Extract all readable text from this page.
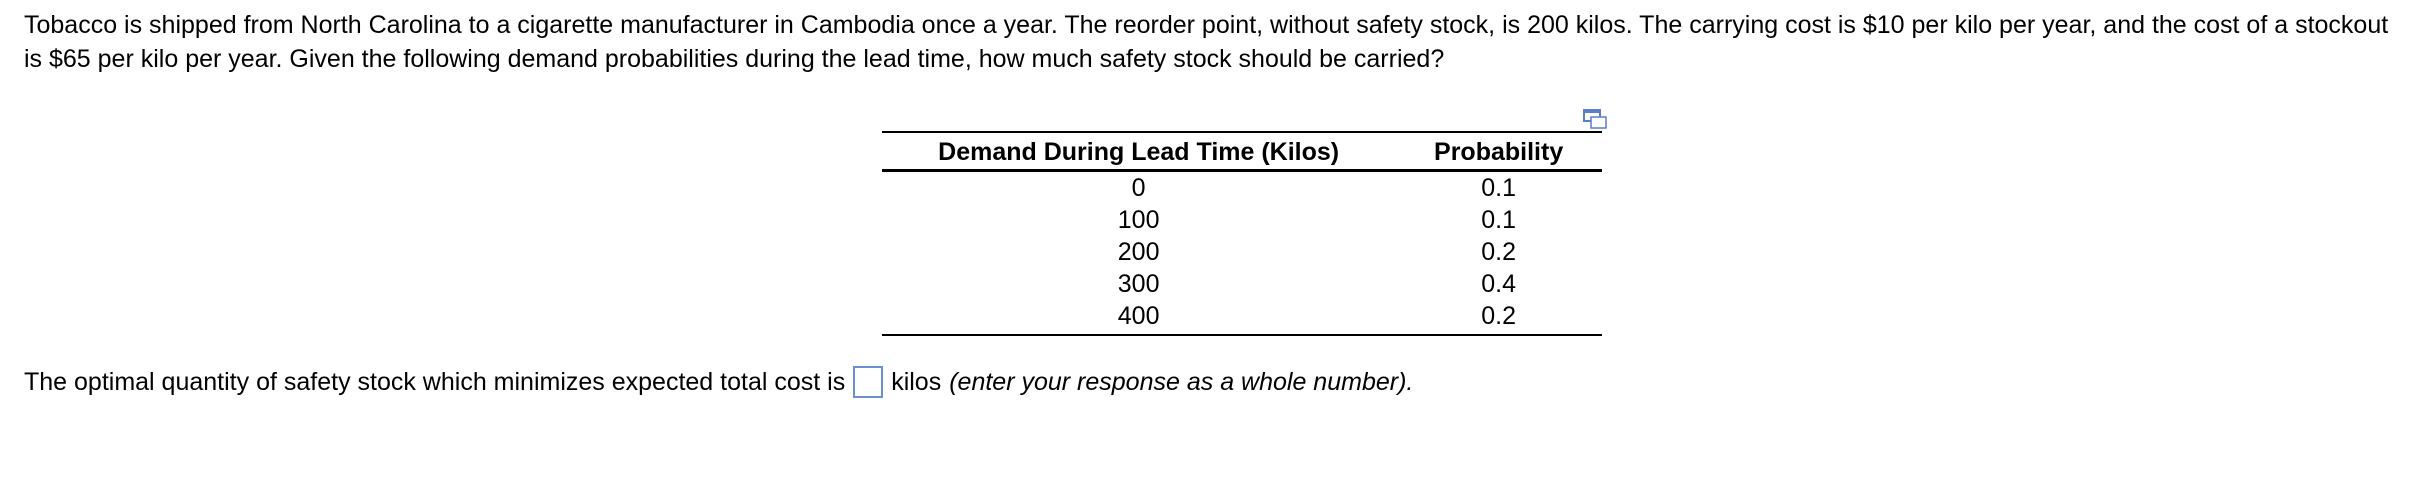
Tobacco is shipped from North Carolina to a cigarette manufacturer in Cambodia once a year. The reorder point, without safety stock, is 200 kilos. The carrying cost is $10 per kilo per year, and the cost of a stockout is $65 per kilo per year. Given the following demand probabilities during the lead time, how much safety stock should be carried?
Demand During Lead Time (Kilos)	Probability
0	0.1
100	0.1
200	0.2
300	0.4
400	0.2
The optimal quantity of safety stock which minimizes expected total cost is kilos (enter your response as a whole number).
